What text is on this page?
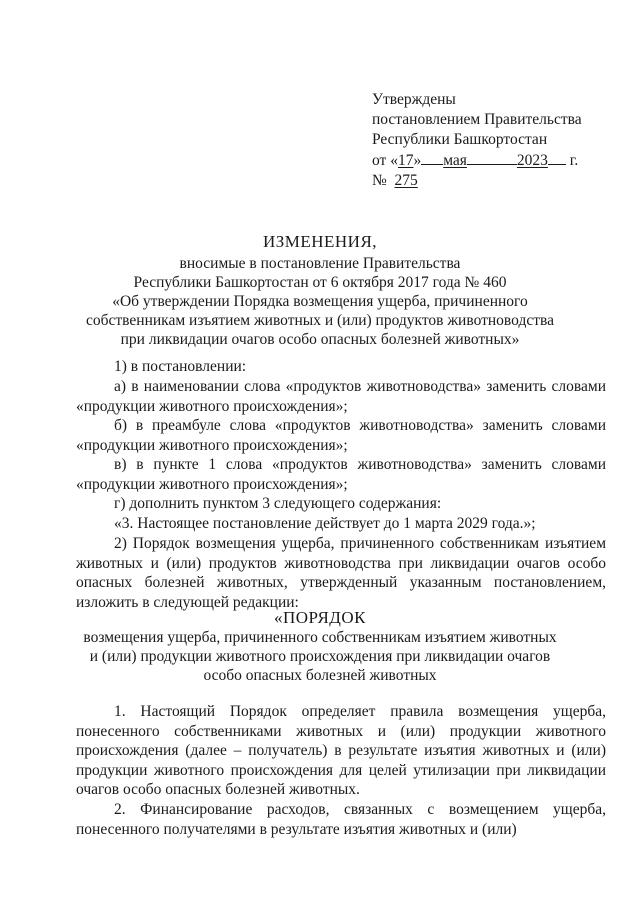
Утверждены
постановлением Правительства
Республики Башкортостан
от «17» мая	2023 г.
№ 275
ИЗМЕНЕНИЯ,
вносимые в постановление Правительства
Республики Башкортостан от 6 октября 2017 года № 460
«Об утверждении Порядка возмещения ущерба, причиненного
собственникам изъятием животных и (или) продуктов животноводства
при ликвидации очагов особо опасных болезней животных»
1) в постановлении:
а) в наименовании слова «продуктов животноводства» заменить словами «продукции животного происхождения»;
б) в преамбуле слова «продуктов животноводства» заменить словами «продукции животного происхождения»;
в) в пункте 1 слова «продуктов животноводства» заменить словами «продукции животного происхождения»;
г) дополнить пунктом 3 следующего содержания:
«3. Настоящее постановление действует до 1 марта 2029 года.»;
2) Порядок возмещения ущерба, причиненного собственникам изъятием животных и (или) продуктов животноводства при ликвидации очагов особо опасных болезней животных, утвержденный указанным постановлением, изложить в следующей редакции:
«ПОРЯДОК
возмещения ущерба, причиненного собственникам изъятием животных
и (или) продукции животного происхождения при ликвидации очагов
особо опасных болезней животных
1. Настоящий Порядок определяет правила возмещения ущерба, понесенного собственниками животных и (или) продукции животного происхождения (далее – получатель) в результате изъятия животных и (или) продукции животного происхождения для целей утилизации при ликвидации очагов особо опасных болезней животных.
2. Финансирование расходов, связанных с возмещением ущерба, понесенного получателями в результате изъятия животных и (или)
